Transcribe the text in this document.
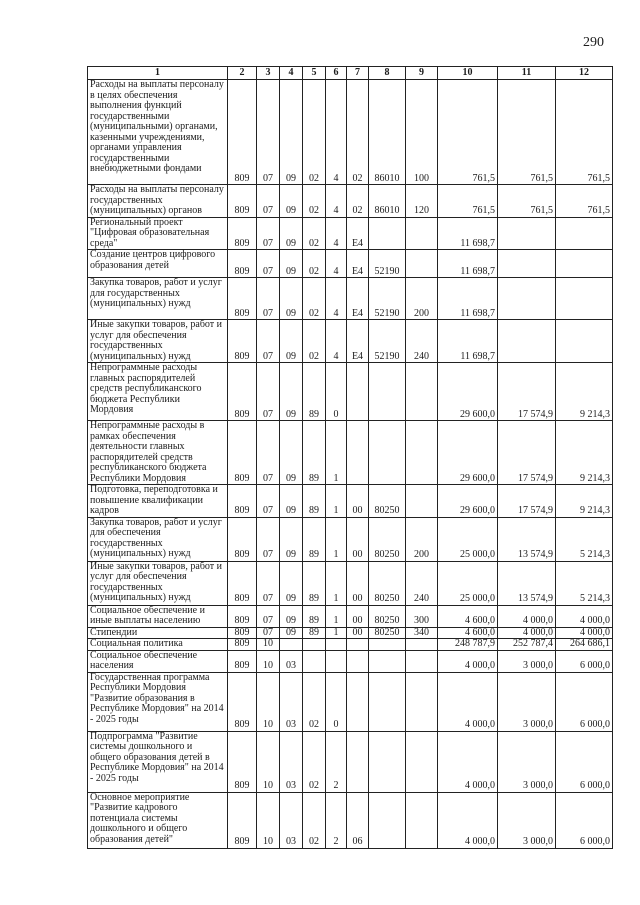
290
1	2	3	4	5	6	7	8	9	10	11	12
Расходы на выплаты персоналу в целях обеспечения выполнения функций государственными (муниципальными) органами, казенными учреждениями, органами управления государственными внебюджетными фондами	809	07	09	02	4	02	86010	100	761,5	761,5	761,5
Расходы на выплаты персоналу государственных (муниципальных) органов	809	07	09	02	4	02	86010	120	761,5	761,5	761,5
Региональный проект "Цифровая образовательная среда"	809	07	09	02	4	E4			11 698,7		
Создание центров цифрового образования детей	809	07	09	02	4	E4	52190		11 698,7		
Закупка товаров, работ и услуг для государственных (муниципальных) нужд	809	07	09	02	4	E4	52190	200	11 698,7		
Иные закупки товаров, работ и услуг для обеспечения государственных (муниципальных) нужд	809	07	09	02	4	E4	52190	240	11 698,7		
Непрограммные расходы главных распорядителей средств республиканского бюджета Республики Мордовия	809	07	09	89	0				29 600,0	17 574,9	9 214,3
Непрограммные расходы в рамках обеспечения деятельности главных распорядителей средств республиканского бюджета Республики Мордовия	809	07	09	89	1				29 600,0	17 574,9	9 214,3
Подготовка, переподготовка и повышение квалификации кадров	809	07	09	89	1	00	80250		29 600,0	17 574,9	9 214,3
Закупка товаров, работ и услуг для обеспечения государственных (муниципальных) нужд	809	07	09	89	1	00	80250	200	25 000,0	13 574,9	5 214,3
Иные закупки товаров, работ и услуг для обеспечения государственных (муниципальных) нужд	809	07	09	89	1	00	80250	240	25 000,0	13 574,9	5 214,3
Социальное обеспечение и иные выплаты населению	809	07	09	89	1	00	80250	300	4 600,0	4 000,0	4 000,0
Стипендии	809	07	09	89	1	00	80250	340	4 600,0	4 000,0	4 000,0
Социальная политика	809	10							248 787,9	252 787,4	264 686,1
Социальное обеспечение населения	809	10	03						4 000,0	3 000,0	6 000,0
Государственная программа Республики Мордовия "Развитие образования в Республике Мордовия" на 2014 - 2025 годы	809	10	03	02	0				4 000,0	3 000,0	6 000,0
Подпрограмма "Развитие системы дошкольного и общего образования детей в Республике Мордовия" на 2014 - 2025 годы	809	10	03	02	2				4 000,0	3 000,0	6 000,0
Основное мероприятие "Развитие кадрового потенциала системы дошкольного и общего образования детей"	809	10	03	02	2	06			4 000,0	3 000,0	6 000,0
